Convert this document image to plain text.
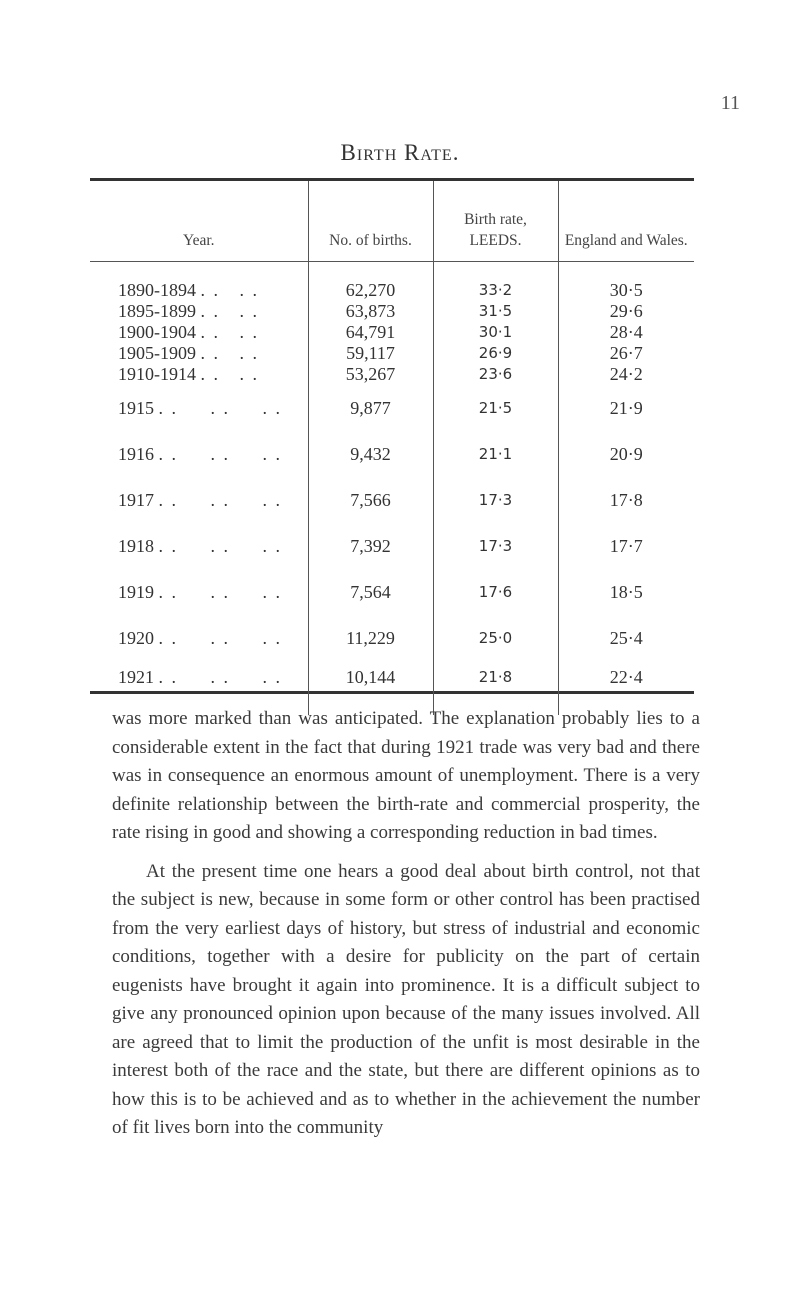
11
Birth Rate.
Year.	No. of births.	Birth rate, LEEDS.	England and Wales.
1890-1894 . .   . .	62,270	33·2	30·5
1895-1899 . .   . .	63,873	31·5	29·6
1900-1904 . .   . .	64,791	30·1	28·4
1905-1909 . .   . .	59,117	26·9	26·7
1910-1914 . .   . .	53,267	23·6	24·2
1915 . .     . .     . .	9,877	21·5	21·9
1916 . .     . .     . .	9,432	21·1	20·9
1917 . .     . .     . .	7,566	17·3	17·8
1918 . .     . .     . .	7,392	17·3	17·7
1919 . .     . .     . .	7,564	17·6	18·5
1920 . .     . .     . .	11,229	25·0	25·4
1921 . .     . .     . .	10,144	21·8	22·4

was more marked than was anticipated. The explanation probably lies to a considerable extent in the fact that during 1921 trade was very bad and there was in consequence an enormous amount of unemployment. There is a very definite relationship between the birth-rate and commercial prosperity, the rate rising in good and showing a corresponding reduction in bad times.

At the present time one hears a good deal about birth control, not that the subject is new, because in some form or other control has been practised from the very earliest days of history, but stress of industrial and economic conditions, together with a desire for publicity on the part of certain eugenists have brought it again into prominence. It is a difficult subject to give any pronounced opinion upon because of the many issues involved. All are agreed that to limit the production of the unfit is most desirable in the interest both of the race and the state, but there are different opinions as to how this is to be achieved and as to whether in the achievement the number of fit lives born into the community
